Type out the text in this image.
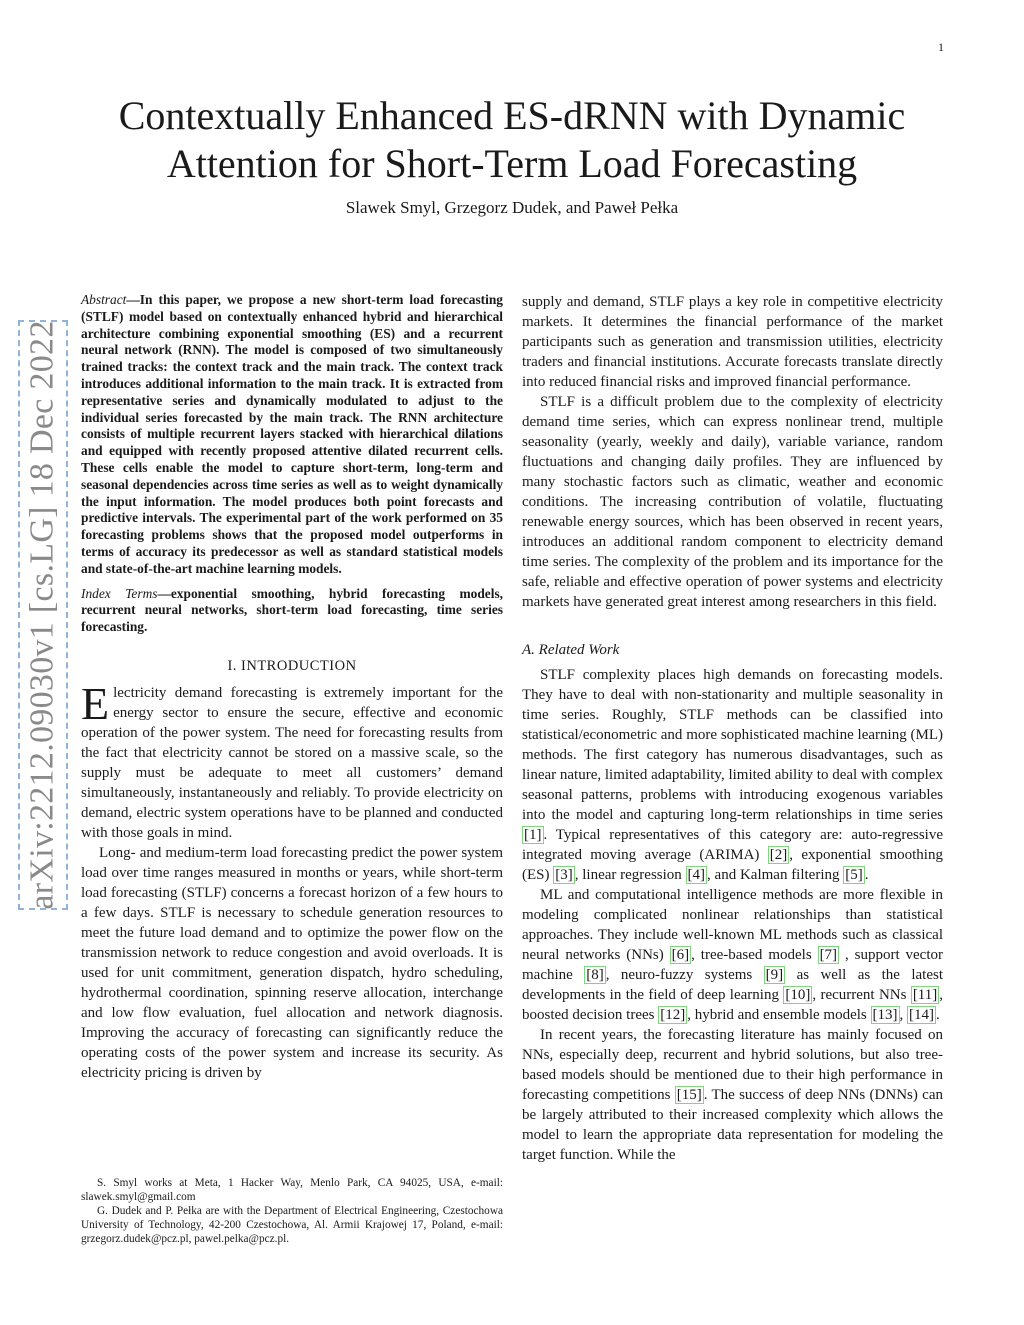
1
Contextually Enhanced ES-dRNN with Dynamic
Attention for Short-Term Load Forecasting
Slawek Smyl, Grzegorz Dudek, and Paweł Pełka
arXiv:2212.09030v1 [cs.LG] 18 Dec 2022

Abstract—In this paper, we propose a new short-term load forecasting (STLF) model based on contextually enhanced hybrid and hierarchical architecture combining exponential smoothing (ES) and a recurrent neural network (RNN). The model is composed of two simultaneously trained tracks: the context track and the main track. The context track introduces additional information to the main track. It is extracted from representative series and dynamically modulated to adjust to the individual series forecasted by the main track. The RNN architecture consists of multiple recurrent layers stacked with hierarchical dilations and equipped with recently proposed attentive dilated recurrent cells. These cells enable the model to capture short-term, long-term and seasonal dependencies across time series as well as to weight dynamically the input information. The model produces both point forecasts and predictive intervals. The experimental part of the work performed on 35 forecasting problems shows that the proposed model outperforms in terms of accuracy its predecessor as well as standard statistical models and state-of-the-art machine learning models.

Index Terms—exponential smoothing, hybrid forecasting models, recurrent neural networks, short-term load forecasting, time series forecasting.

I. INTRODUCTION

Electricity demand forecasting is extremely important for the energy sector to ensure the secure, effective and economic operation of the power system. The need for forecasting results from the fact that electricity cannot be stored on a massive scale, so the supply must be adequate to meet all customers’ demand simultaneously, instantaneously and reliably. To provide electricity on demand, electric system operations have to be planned and conducted with those goals in mind.

Long- and medium-term load forecasting predict the power system load over time ranges measured in months or years, while short-term load forecasting (STLF) concerns a forecast horizon of a few hours to a few days. STLF is necessary to schedule generation resources to meet the future load demand and to optimize the power flow on the transmission network to reduce congestion and avoid overloads. It is used for unit commitment, generation dispatch, hydro scheduling, hydrothermal coordination, spinning reserve allocation, interchange and low flow evaluation, fuel allocation and network diagnosis. Improving the accuracy of forecasting can significantly reduce the operating costs of the power system and increase its security. As electricity pricing is driven by

S. Smyl works at Meta, 1 Hacker Way, Menlo Park, CA 94025, USA, e-mail: slawek.smyl@gmail.com

G. Dudek and P. Pełka are with the Department of Electrical Engineering, Czestochowa University of Technology, 42-200 Czestochowa, Al. Armii Krajowej 17, Poland, e-mail: grzegorz.dudek@pcz.pl, pawel.pelka@pcz.pl.

supply and demand, STLF plays a key role in competitive electricity markets. It determines the financial performance of the market participants such as generation and transmission utilities, electricity traders and financial institutions. Accurate forecasts translate directly into reduced financial risks and improved financial performance.

STLF is a difficult problem due to the complexity of electricity demand time series, which can express nonlinear trend, multiple seasonality (yearly, weekly and daily), variable variance, random fluctuations and changing daily profiles. They are influenced by many stochastic factors such as climatic, weather and economic conditions. The increasing contribution of volatile, fluctuating renewable energy sources, which has been observed in recent years, introduces an additional random component to electricity demand time series. The complexity of the problem and its importance for the safe, reliable and effective operation of power systems and electricity markets have generated great interest among researchers in this field.

A. Related Work

STLF complexity places high demands on forecasting models. They have to deal with non-stationarity and multiple seasonality in time series. Roughly, STLF methods can be classified into statistical/econometric and more sophisticated machine learning (ML) methods. The first category has numerous disadvantages, such as linear nature, limited adaptability, limited ability to deal with complex seasonal patterns, problems with introducing exogenous variables into the model and capturing long-term relationships in time series [1] . Typical representatives of this category are: auto-regressive integrated moving average (ARIMA) [2] , exponential smoothing (ES) [3] , linear regression [4] , and Kalman filtering [5] .

ML and computational intelligence methods are more flexible in modeling complicated nonlinear relationships than statistical approaches. They include well-known ML methods such as classical neural networks (NNs) [6] , tree-based models [7] , support vector machine [8] , neuro-fuzzy systems [9] as well as the latest developments in the field of deep learning [10] , recurrent NNs [11] , boosted decision trees [12] , hybrid and ensemble models [13] , [14] .

In recent years, the forecasting literature has mainly focused on NNs, especially deep, recurrent and hybrid solutions, but also tree-based models should be mentioned due to their high performance in forecasting competitions [15] . The success of deep NNs (DNNs) can be largely attributed to their increased complexity which allows the model to learn the appropriate data representation for modeling the target function. While the
